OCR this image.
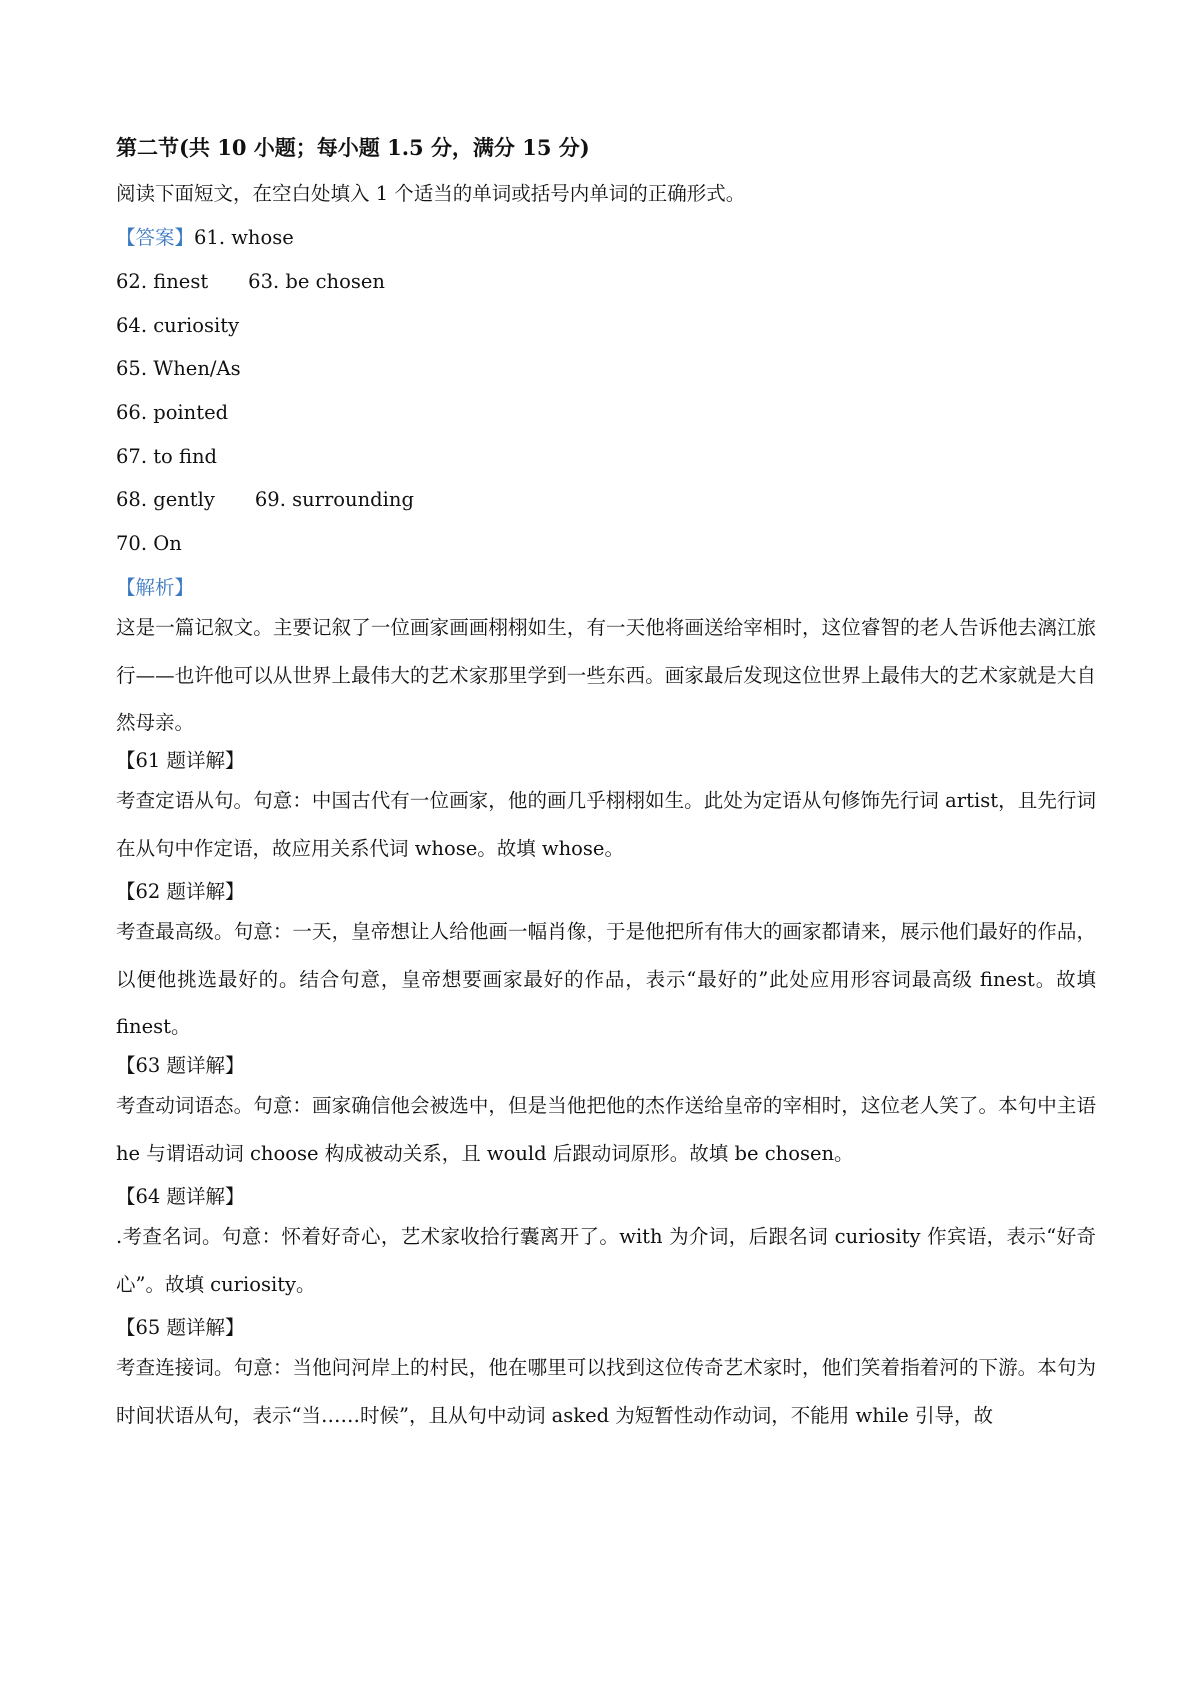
第二节(共 10 小题；每小题 1.5 分，满分 15 分)
阅读下面短文，在空白处填入 1 个适当的单词或括号内单词的正确形式。
【答案】61. whose
62. finest 63. be chosen
64. curiosity
65. When/As
66. pointed
67. to find
68. gently 69. surrounding
70. On
【解析】
这是一篇记叙文。主要记叙了一位画家画画栩栩如生，有一天他将画送给宰相时，这位睿智的老人告诉他去漓江旅行——也许他可以从世界上最伟大的艺术家那里学到一些东西。画家最后发现这位世界上最伟大的艺术家就是大自然母亲。
【61 题详解】
考查定语从句。句意：中国古代有一位画家，他的画几乎栩栩如生。此处为定语从句修饰先行词 artist，且先行词在从句中作定语，故应用关系代词 whose。故填 whose。
【62 题详解】
考查最高级。句意：一天，皇帝想让人给他画一幅肖像，于是他把所有伟大的画家都请来，展示他们最好的作品，以便他挑选最好的。结合句意，皇帝想要画家最好的作品，表示“最好的”此处应用形容词最高级 finest。故填 finest。
【63 题详解】
考查动词语态。句意：画家确信他会被选中，但是当他把他的杰作送给皇帝的宰相时，这位老人笑了。本句中主语 he 与谓语动词 choose 构成被动关系，且 would 后跟动词原形。故填 be chosen。
【64 题详解】
.考查名词。句意：怀着好奇心，艺术家收拾行囊离开了。with 为介词，后跟名词 curiosity 作宾语，表示“好奇心”。故填 curiosity。
【65 题详解】
考查连接词。句意：当他问河岸上的村民，他在哪里可以找到这位传奇艺术家时，他们笑着指着河的下游。本句为时间状语从句，表示“当……时候”，且从句中动词 asked 为短暂性动作动词，不能用 while 引导，故
